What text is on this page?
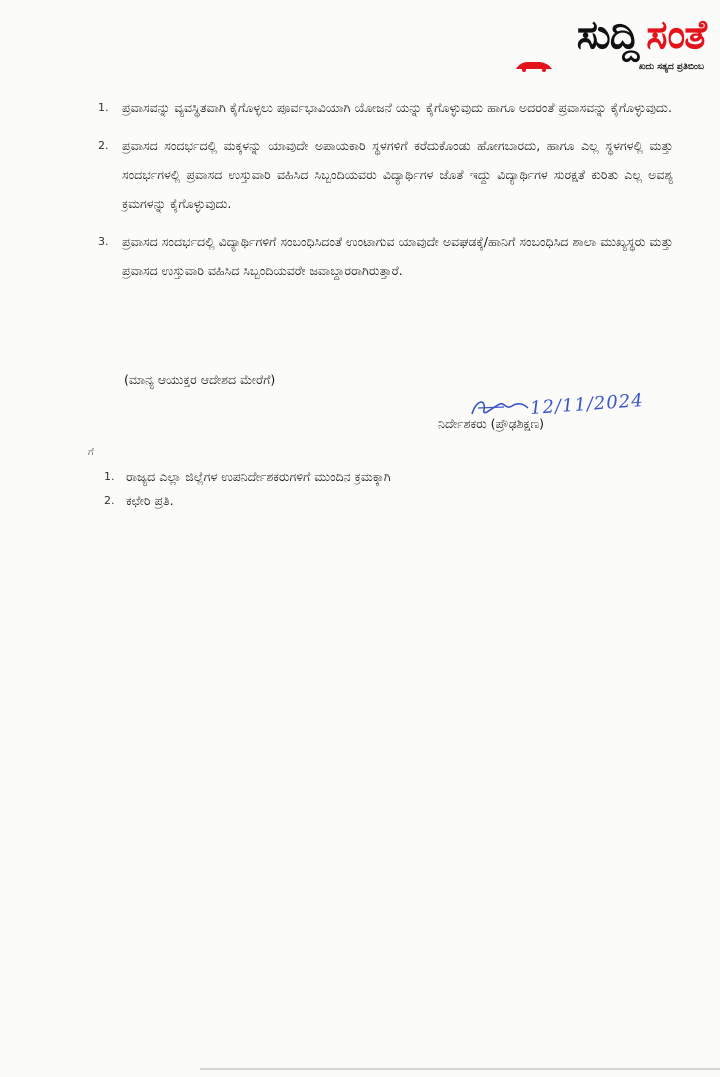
ಸುದ್ದಿ ಸಂತೆ
ಖದು ಸತ್ಯದ ಪ್ರತಿಬಿಂಬ
1.	ಪ್ರವಾಸವನ್ನು ವ್ಯವಸ್ಥಿತವಾಗಿ ಕೈಗೊಳ್ಳಲು ಪೂರ್ವಭಾವಿಯಾಗಿ ಯೋಜನೆ ಯನ್ನು ಕೈಗೊಳ್ಳುವುದು ಹಾಗೂ ಅದರಂತೆ ಪ್ರವಾಸವನ್ನು ಕೈಗೊಳ್ಳುವುದು.
2.	ಪ್ರವಾಸದ ಸಂದರ್ಭದಲ್ಲಿ ಮಕ್ಕಳನ್ನು ಯಾವುದೇ ಅಪಾಯಕಾರಿ ಸ್ಥಳಗಳಿಗೆ ಕರೆದುಕೊಂಡು ಹೋಗಬಾರದು, ಹಾಗೂ ಎಲ್ಲ ಸ್ಥಳಗಳಲ್ಲಿ ಮತ್ತು ಸಂದರ್ಭಗಳಲ್ಲಿ ಪ್ರವಾಸದ ಉಸ್ತುವಾರಿ ವಹಿಸಿದ ಸಿಬ್ಬಂದಿಯವರು ವಿದ್ಯಾರ್ಥಿಗಳ ಜೊತೆ ಇದ್ದು ವಿದ್ಯಾರ್ಥಿಗಳ ಸುರಕ್ಷತೆ ಕುರಿತು ಎಲ್ಲ ಅವಶ್ಯ ಕ್ರಮಗಳನ್ನು ಕೈಗೊಳ್ಳುವುದು.
3.	ಪ್ರವಾಸದ ಸಂದರ್ಭದಲ್ಲಿ ವಿದ್ಯಾರ್ಥಿಗಳಿಗೆ ಸಂಬಂಧಿಸಿದಂತೆ ಉಂಟಾಗುವ ಯಾವುದೇ ಅವಘಡಕ್ಕೆ/ಹಾನಿಗೆ ಸಂಬಂಧಿಸಿದ ಶಾಲಾ ಮುಖ್ಯಸ್ಥರು ಮತ್ತು ಪ್ರವಾಸದ ಉಸ್ತುವಾರಿ ವಹಿಸಿದ ಸಿಬ್ಬಂದಿಯವರೇ ಜವಾಬ್ದಾರರಾಗಿರುತ್ತಾರೆ.
(ಮಾನ್ಯ ಆಯುಕ್ತರ ಆದೇಶದ ಮೇರೆಗೆ)
12/11/2024
ನಿರ್ದೇಶಕರು (ಪ್ರೌಢಶಿಕ್ಷಣ)
ಗೆ
1. ರಾಜ್ಯದ ಎಲ್ಲಾ ಜಿಲ್ಲೆಗಳ ಉಪನಿರ್ದೇಶಕರುಗಳಿಗೆ ಮುಂದಿನ ಕ್ರಮಕ್ಕಾಗಿ
2. ಕಛೇರಿ ಪ್ರತಿ.
